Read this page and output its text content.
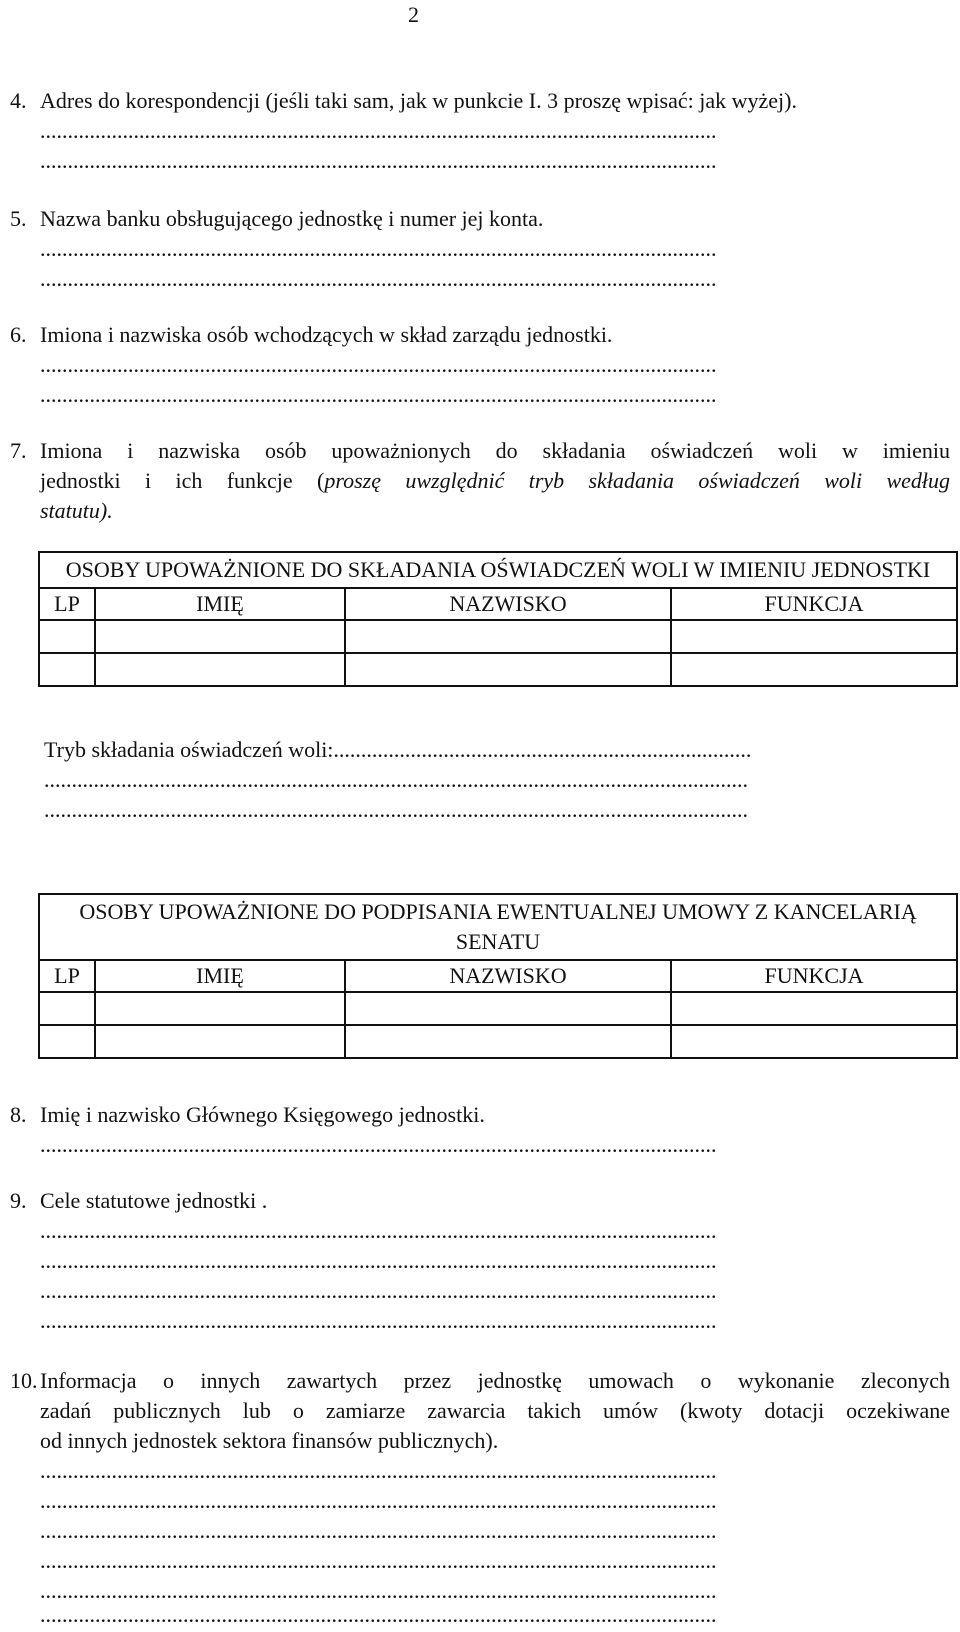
2
4. Adres do korespondencji (jeśli taki sam, jak w punkcie I. 3 proszę wpisać: jak wyżej).
...........................................................................................................................
...........................................................................................................................
5. Nazwa banku obsługującego jednostkę i numer jej konta.
...........................................................................................................................
...........................................................................................................................
6. Imiona i nazwiska osób wchodzących w skład zarządu jednostki.
...........................................................................................................................
...........................................................................................................................
7. Imiona i nazwiska osób upoważnionych do składania oświadczeń woli w imieniu
jednostki i ich funkcje (proszę uwzględnić tryb składania oświadczeń woli według
statutu).
OSOBY UPOWAŻNIONE DO SKŁADANIA OŚWIADCZEŃ WOLI W IMIENIU JEDNOSTKI			
LP	IMIĘ	NAZWISKO	FUNKCJA

Tryb składania oświadczeń woli:............................................................................
................................................................................................................................
................................................................................................................................
OSOBY UPOWAŻNIONE DO PODPISANIA EWENTUALNEJ UMOWY Z KANCELARIĄ SENATU			
LP	IMIĘ	NAZWISKO	FUNKCJA

8. Imię i nazwisko Głównego Księgowego jednostki.
...........................................................................................................................
9. Cele statutowe jednostki .
...........................................................................................................................
...........................................................................................................................
...........................................................................................................................
...........................................................................................................................
10. Informacja o innych zawartych przez jednostkę umowach o wykonanie zleconych
zadań publicznych lub o zamiarze zawarcia takich umów (kwoty dotacji oczekiwane
od innych jednostek sektora finansów publicznych).
...........................................................................................................................
...........................................................................................................................
...........................................................................................................................
...........................................................................................................................
...........................................................................................................................
...........................................................................................................................
